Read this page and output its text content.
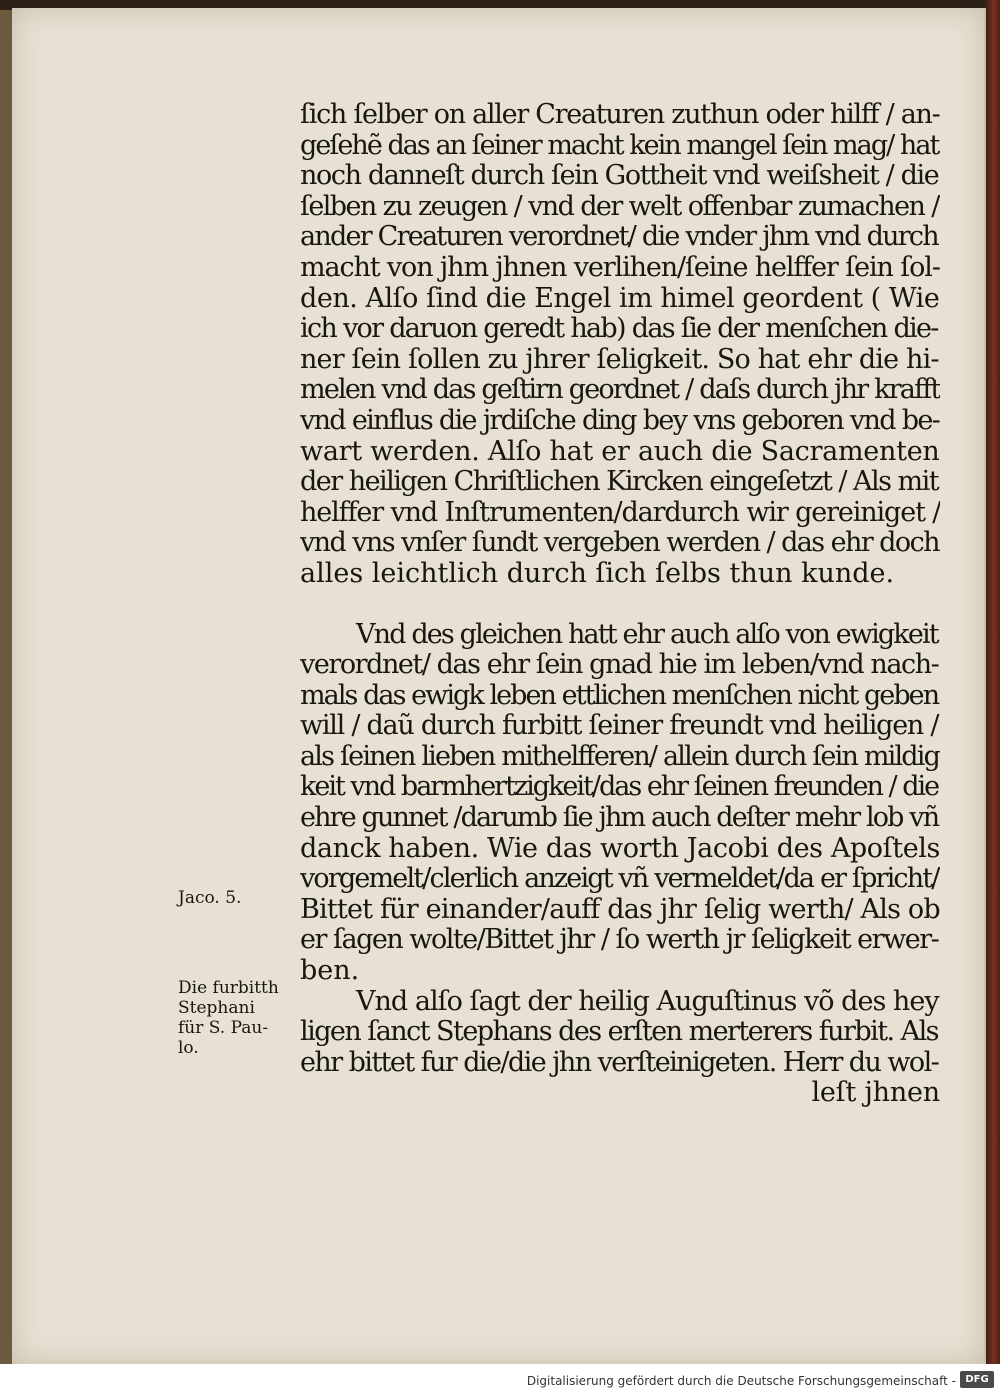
ſich ſelber on aller Creaturen zuthun oder hilff / an-
geſehẽ das an ſeiner macht kein mangel ſein mag/ hat
noch danneſt durch ſein Gottheit vnd weiſsheit / die
ſelben zu zeugen / vnd der welt offenbar zumachen /
ander Creaturen verordnet/ die vnder jhm vnd durch
macht von jhm jhnen verlihen/ſeine helffer ſein ſol-
den. Alſo ſind die Engel im himel geordent ( Wie
ich vor daruon geredt hab) das ſie der menſchen die-
ner ſein ſollen zu jhrer ſeligkeit. So hat ehr die hi-
melen vnd das geſtirn geordnet / daſs durch jhr krafft
vnd einflus die jrdiſche ding bey vns geboren vnd be-
wart werden. Alſo hat er auch die Sacramenten
der heiligen Chriſtlichen Kircken eingeſetzt / Als mit
helffer vnd Inſtrumenten/dardurch wir gereiniget /
vnd vns vnſer ſundt vergeben werden / das ehr doch
alles leichtlich durch ſich ſelbs thun kunde.
Vnd des gleichen hatt ehr auch alſo von ewigkeit
verordnet/ das ehr ſein gnad hie im leben/vnd nach-
mals das ewigk leben ettlichen menſchen nicht geben
will / daũ durch furbitt ſeiner freundt vnd heiligen /
als ſeinen lieben mithelfferen/ allein durch ſein mildig
keit vnd barmhertzigkeit/das ehr ſeinen freunden / die
ehre gunnet /darumb ſie jhm auch deſter mehr lob vñ
danck haben. Wie das worth Jacobi des Apoſtels
vorgemelt/clerlich anzeigt vñ vermeldet/da er ſpricht/
Bittet für einander/auff das jhr ſelig werth/ Als ob
er ſagen wolte/Bittet jhr / ſo werth jr ſeligkeit erwer-
ben.
Vnd alſo ſagt der heilig Auguſtinus võ des hey
ligen ſanct Stephans des erſten merterers furbit. Als
ehr bittet fur die/die jhn verſteinigeten. Herr du wol-
leſt jhnen
Jaco. 5.
Die furbitth
Stephani
für S. Pau-
lo.
Digitalisierung gefördert durch die Deutsche Forschungsgemeinschaft - DFG
